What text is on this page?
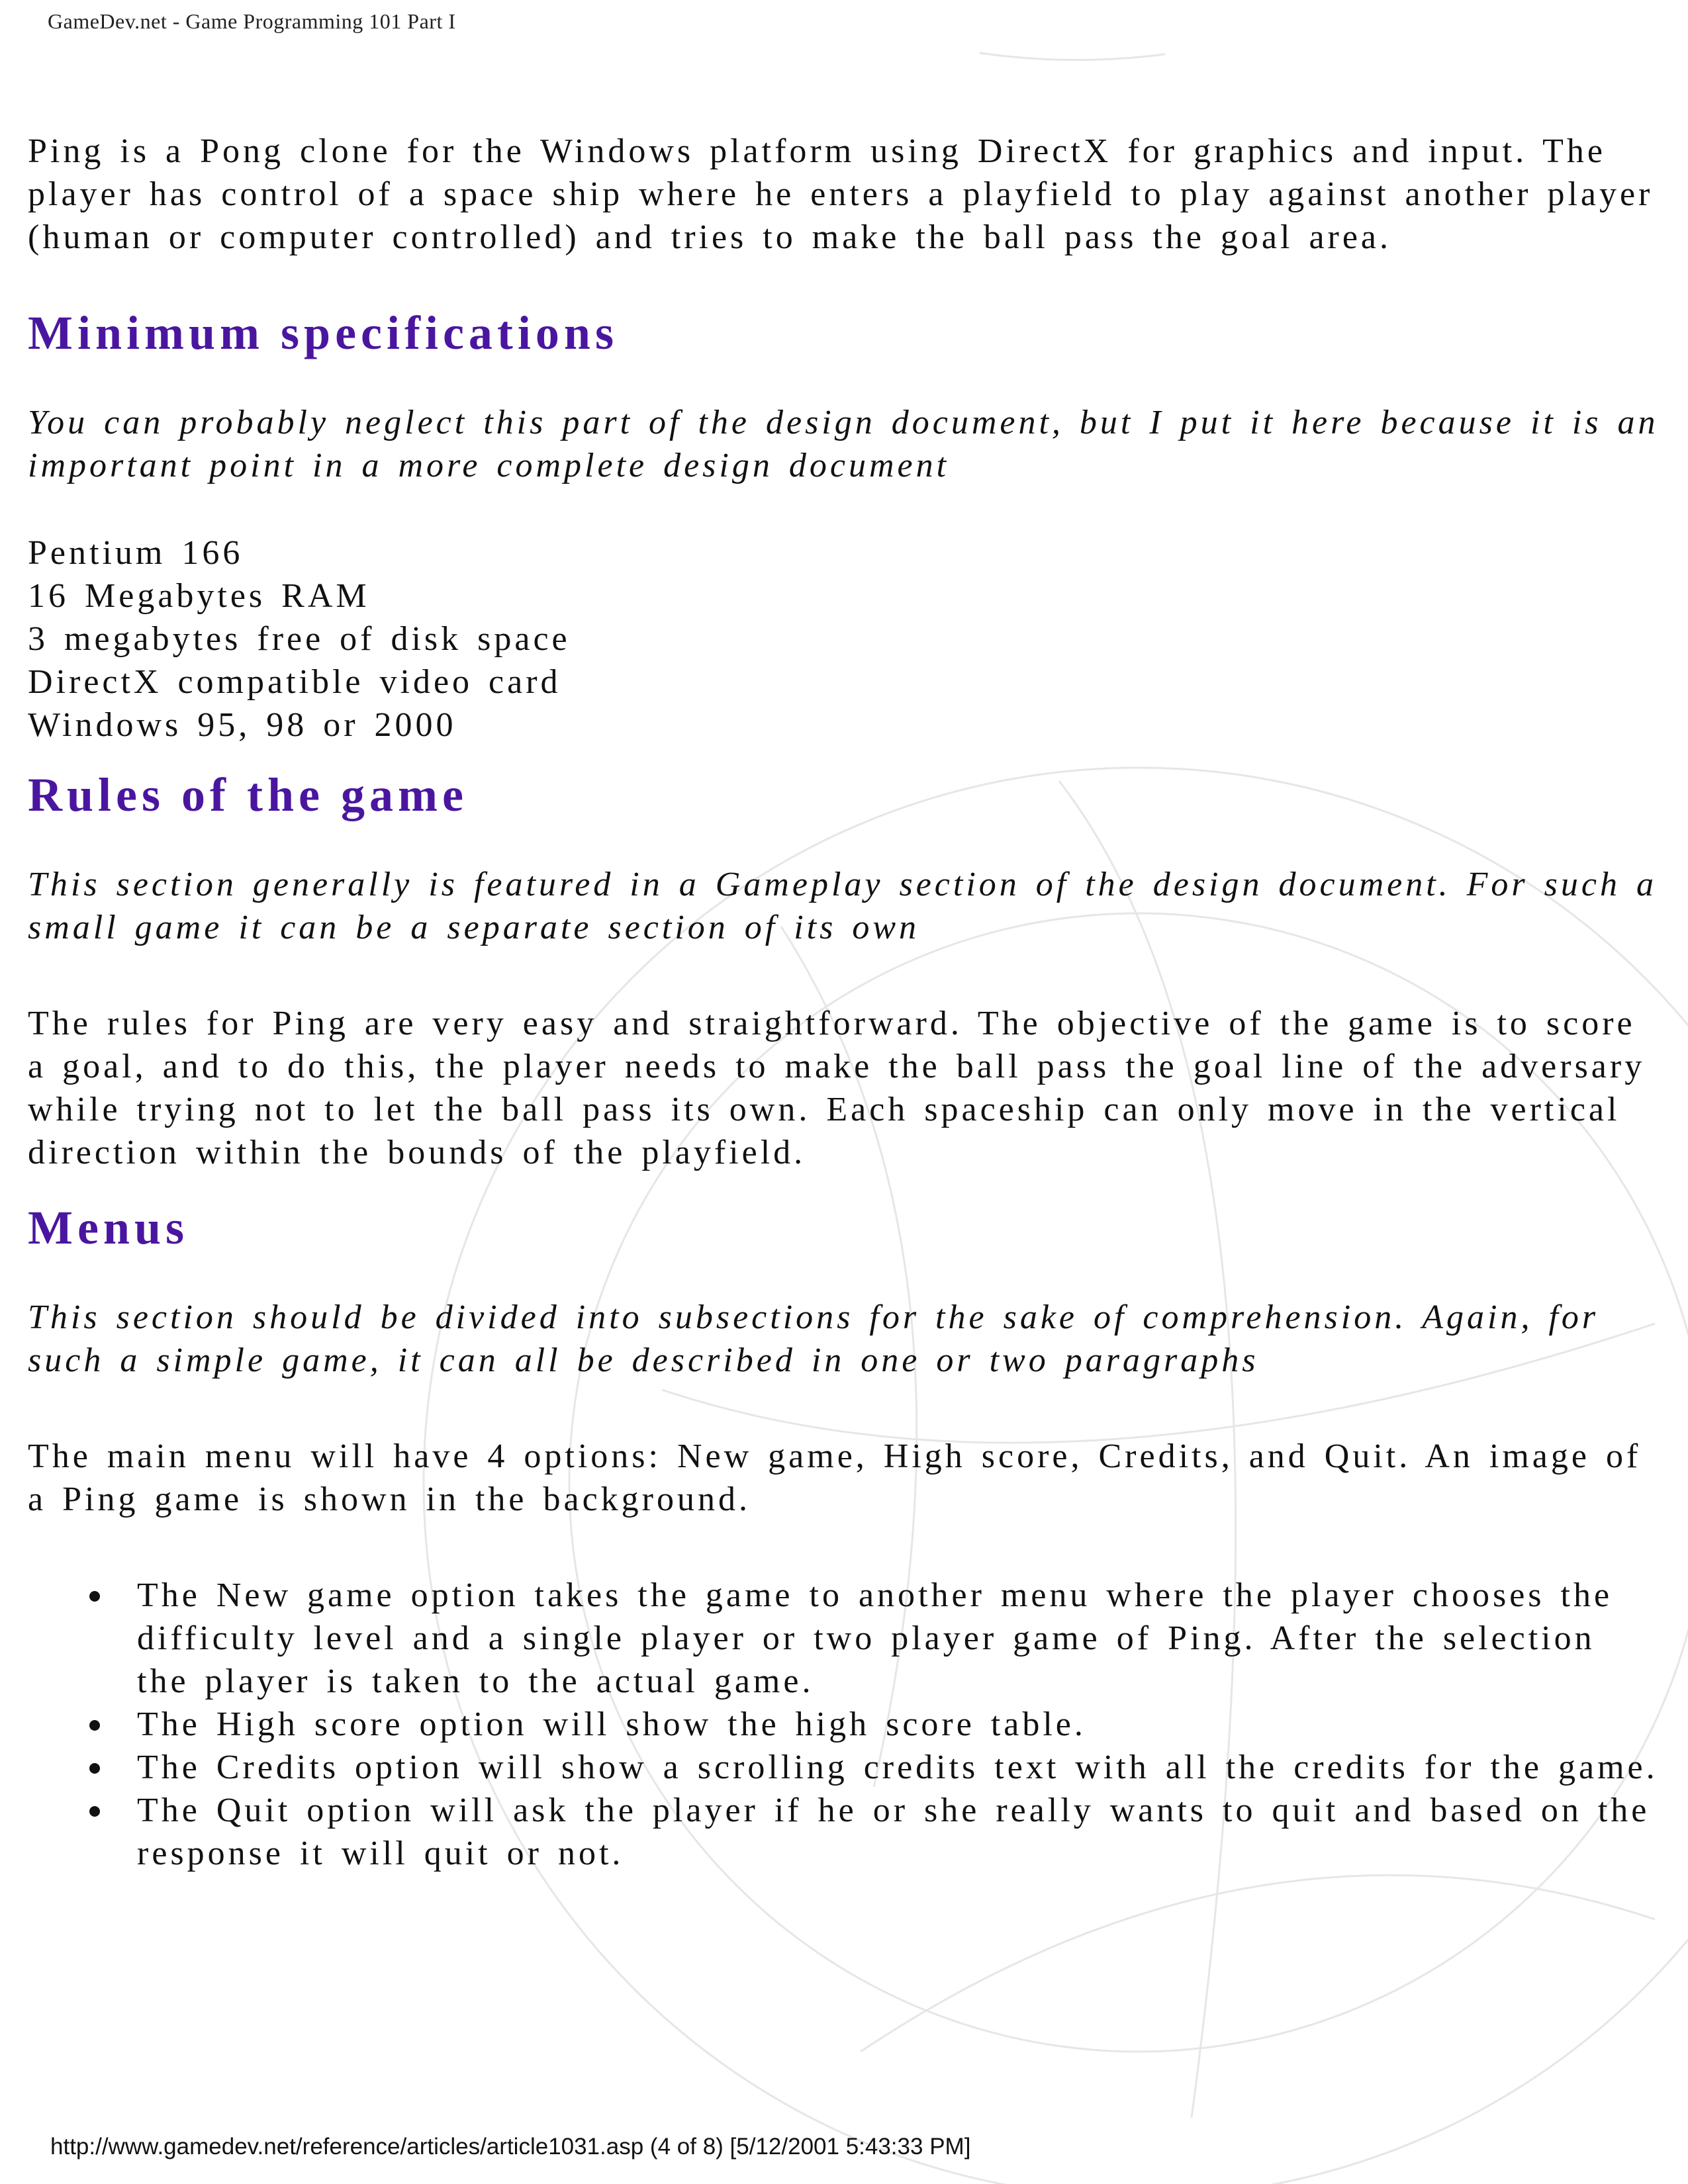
GameDev.net - Game Programming 101 Part I

Ping is a Pong clone for the Windows platform using DirectX for graphics and input. The player has control of a space ship where he enters a playfield to play against another player (human or computer controlled) and tries to make the ball pass the goal area.

Minimum specifications

You can probably neglect this part of the design document, but I put it here because it is an important point in a more complete design document

Pentium 166
16 Megabytes RAM
3 megabytes free of disk space
DirectX compatible video card
Windows 95, 98 or 2000
Rules of the game

This section generally is featured in a Gameplay section of the design document. For such a small game it can be a separate section of its own

The rules for Ping are very easy and straightforward. The objective of the game is to score a goal, and to do this, the player needs to make the ball pass the goal line of the adversary while trying not to let the ball pass its own. Each spaceship can only move in the vertical direction within the bounds of the playfield.

Menus

This section should be divided into subsections for the sake of comprehension. Again, for such a simple game, it can all be described in one or two paragraphs

The main menu will have 4 options: New game, High score, Credits, and Quit. An image of a Ping game is shown in the background.

The New game option takes the game to another menu where the player chooses the difficulty level and a single player or two player game of Ping. After the selection the player is taken to the actual game.
The High score option will show the high score table.
The Credits option will show a scrolling credits text with all the credits for the game.
The Quit option will ask the player if he or she really wants to quit and based on the response it will quit or not.
http://www.gamedev.net/reference/articles/article1031.asp (4 of 8) [5/12/2001 5:43:33 PM]
